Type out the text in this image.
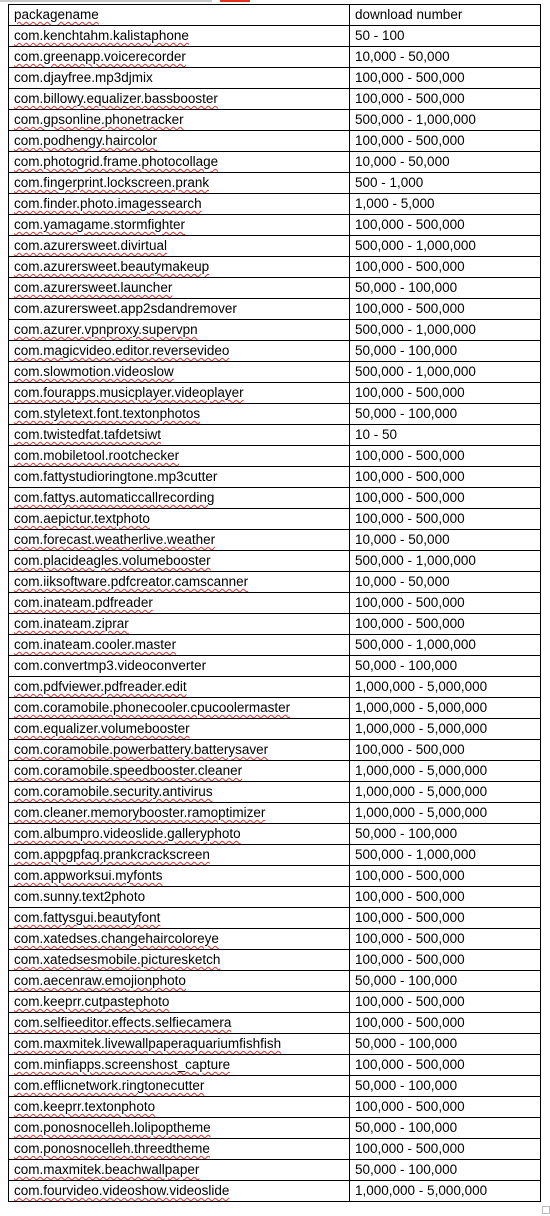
packagename	download number
com.kenchtahm.kalistaphone	50 - 100
com.greenapp.voicerecorder	10,000 - 50,000
com.djayfree.mp3djmix	100,000 - 500,000
com.billowy.equalizer.bassbooster	100,000 - 500,000
com.gpsonline.phonetracker	500,000 - 1,000,000
com.podhengy.haircolor	100,000 - 500,000
com.photogrid.frame.photocollage	10,000 - 50,000
com.fingerprint.lockscreen.prank	500 - 1,000
com.finder.photo.imagessearch	1,000 - 5,000
com.yamagame.stormfighter	100,000 - 500,000
com.azurersweet.divirtual	500,000 - 1,000,000
com.azurersweet.beautymakeup	100,000 - 500,000
com.azurersweet.launcher	50,000 - 100,000
com.azurersweet.app2sdandremover	100,000 - 500,000
com.azurer.vpnproxy.supervpn	500,000 - 1,000,000
com.magicvideo.editor.reversevideo	50,000 - 100,000
com.slowmotion.videoslow	500,000 - 1,000,000
com.fourapps.musicplayer.videoplayer	100,000 - 500,000
com.styletext.font.textonphotos	50,000 - 100,000
com.twistedfat.tafdetsiwt	10 - 50
com.mobiletool.rootchecker	100,000 - 500,000
com.fattystudioringtone.mp3cutter	100,000 - 500,000
com.fattys.automaticcallrecording	100,000 - 500,000
com.aepictur.textphoto	100,000 - 500,000
com.forecast.weatherlive.weather	10,000 - 50,000
com.placideagles.volumebooster	500,000 - 1,000,000
com.iiksoftware.pdfcreator.camscanner	10,000 - 50,000
com.inateam.pdfreader	100,000 - 500,000
com.inateam.ziprar	100,000 - 500,000
com.inateam.cooler.master	500,000 - 1,000,000
com.convertmp3.videoconverter	50,000 - 100,000
com.pdfviewer.pdfreader.edit	1,000,000 - 5,000,000
com.coramobile.phonecooler.cpucoolermaster	1,000,000 - 5,000,000
com.equalizer.volumebooster	1,000,000 - 5,000,000
com.coramobile.powerbattery.batterysaver	100,000 - 500,000
com.coramobile.speedbooster.cleaner	1,000,000 - 5,000,000
com.coramobile.security.antivirus	1,000,000 - 5,000,000
com.cleaner.memorybooster.ramoptimizer	1,000,000 - 5,000,000
com.albumpro.videoslide.galleryphoto	50,000 - 100,000
com.appgpfaq.prankcrackscreen	500,000 - 1,000,000
com.appworksui.myfonts	100,000 - 500,000
com.sunny.text2photo	100,000 - 500,000
com.fattysgui.beautyfont	100,000 - 500,000
com.xatedses.changehaircoloreye	100,000 - 500,000
com.xatedsesmobile.picturesketch	100,000 - 500,000
com.aecenraw.emojionphoto	50,000 - 100,000
com.keeprr.cutpastephoto	100,000 - 500,000
com.selfieeditor.effects.selfiecamera	100,000 - 500,000
com.maxmitek.livewallpaperaquariumfishfish	50,000 - 100,000
com.minfiapps.screenshost_capture	100,000 - 500,000
com.efflicnetwork.ringtonecutter	50,000 - 100,000
com.keeprr.textonphoto	100,000 - 500,000
com.ponosnocelleh.lolipoptheme	50,000 - 100,000
com.ponosnocelleh.threedtheme	100,000 - 500,000
com.maxmitek.beachwallpaper	50,000 - 100,000
com.fourvideo.videoshow.videoslide	1,000,000 - 5,000,000
